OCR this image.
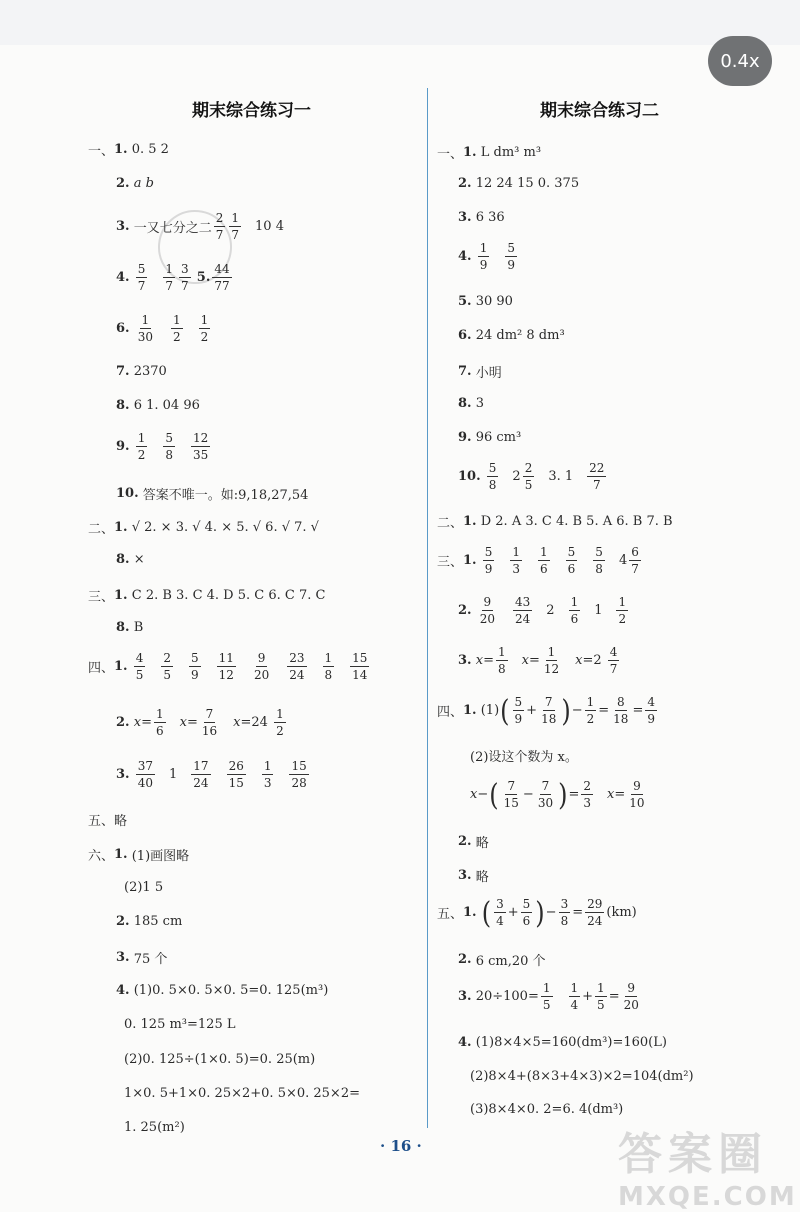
0.4x
期末综合练习一
一、 1.
0. 5 2
2.
a b
3.
一又七分之二 $\frac{2}{7} \frac{1}{7} 10$ 4
4.
$\frac{5}{7} \frac{1}{7} \frac{3}{7}$
5. $\frac{44}{77}$
6.
$\frac{1}{30} \frac{1}{2} \frac{1}{2}$
7.
2370
8.
6 1. 04 96
9.
$\frac{1}{2} \frac{5}{8} \frac{12}{35}$
10.
答案不唯一。如:9,18,27,54
二、 1.
√ 2. × 3. √ 4. × 5. √ 6. √ 7. √
8.
×
三、 1.
C 2. B 3. C 4. D 5. C 6. C 7. C
8.
B
四、 1.
$\frac{4}{5} \frac{2}{5} \frac{5}{9} \frac{11}{12} \frac{9}{20} \frac{23}{24} \frac{1}{8} \frac{15}{14}$
2.
$x = \frac{1}{6}$ $x = \frac{7}{16}$ $x =24 \frac{1}{2}$
3.
$\frac{37}{40} 1 \frac{17}{24} \frac{26}{15} \frac{1}{3} \frac{15}{28}$
五、略
六、 1.
(1)画图略
(2)1 5
2.
185 cm
3.
75 个
4.
(1)0. 5×0. 5×0. 5=0. 125(m³)
0. 125 m³=125 L
(2)0. 125÷(1×0. 5)=0. 25(m)
1×0. 5+1×0. 25×2+0. 5×0. 25×2=
1. 25(m²)
期末综合练习二
一、 1.
L dm³ m³
2.
12 24 15 0. 375
3.
6 36
4.
$\frac{1}{9} \frac{5}{9}$
5.
30 90
6.
24 dm² 8 dm³
7.
小明
8.
3
9.
96 cm³
10.
$\frac{5}{8} 2 \frac{2}{5} 3$. $1 \frac{22}{7}$
二、 1.
D 2. A 3. C 4. B 5. A 6. B 7. B
三、 1.
$\frac{5}{9} \frac{1}{3} \frac{1}{6} \frac{5}{6} \frac{5}{8} 4 \frac{6}{7}$
2.
$\frac{9}{20} \frac{43}{24} 2 \frac{1}{6} 1 \frac{1}{2}$
3.
$x = \frac{1}{8}$ $x = \frac{1}{12}$ $x =2 \frac{4}{7}$
四、 1. (1) ( $\frac{5}{9} + \frac{7}{18}$ ) − $\frac{1}{2} = \frac{8}{18} = \frac{4}{9}$
(2)设这个数为 x。
x − ( $\frac{7}{15} - \frac{7}{30}$ ) = $\frac{2}{3}$ $x = \frac{9}{10}$
2.
略
3.
略
五、 1.
( $\frac{3}{4} + \frac{5}{6}$ ) − $\frac{3}{8} = \frac{29}{24} (km)$
2.
6 cm,20 个
3. $20\div 100= \frac{1}{5} \frac{1}{4} + \frac{1}{5} = \frac{9}{20}$
4.
(1)8×4×5=160(dm³)=160(L)
(2)8×4+(8×3+4×3)×2=104(dm²)
(3)8×4×0. 2=6. 4(dm³)
· 16 ·	答案圈
MXQE.COM
